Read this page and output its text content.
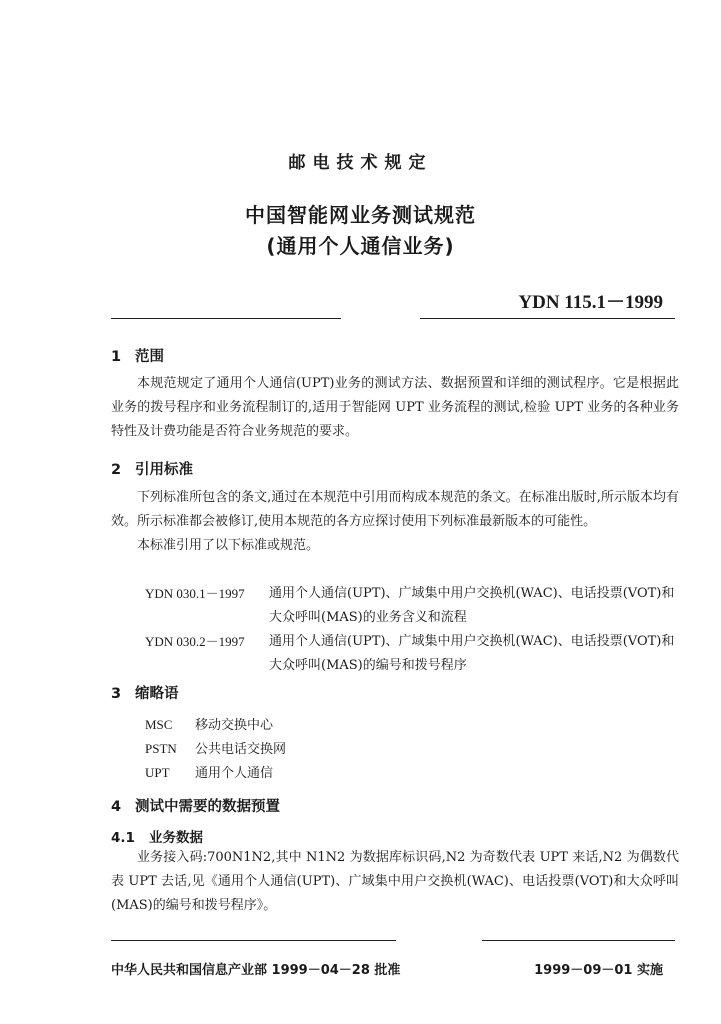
邮电技术规定
中国智能网业务测试规范
(通用个人通信业务)
YDN 115.1－1999
1 范围

本规范规定了通用个人通信(UPT)业务的测试方法、数据预置和详细的测试程序。它是根据此业务的拨号程序和业务流程制订的,适用于智能网 UPT 业务流程的测试,检验 UPT 业务的各种业务特性及计费功能是否符合业务规范的要求。

2 引用标准

下列标准所包含的条文,通过在本规范中引用而构成本规范的条文。在标准出版时,所示版本均有效。所示标准都会被修订,使用本规范的各方应探讨使用下列标准最新版本的可能性。

本标准引用了以下标准或规范。

YDN 030.1－1997 通用个人通信(UPT)、广域集中用户交换机(WAC)、电话投票(VOT)和大众呼叫(MAS)的业务含义和流程
YDN 030.2－1997 通用个人通信(UPT)、广域集中用户交换机(WAC)、电话投票(VOT)和大众呼叫(MAS)的编号和拨号程序
3 缩略语
MSC 移动交换中心
PSTN 公共电话交换网
UPT 通用个人通信
4 测试中需要的数据预置
4.1 业务数据

业务接入码:700N1N2,其中 N1N2 为数据库标识码,N2 为奇数代表 UPT 来话,N2 为偶数代表 UPT 去话,见《通用个人通信(UPT)、广域集中用户交换机(WAC)、电话投票(VOT)和大众呼叫(MAS)的编号和拨号程序》。

中华人民共和国信息产业部 1999－04－28 批准	1999－09－01 实施
